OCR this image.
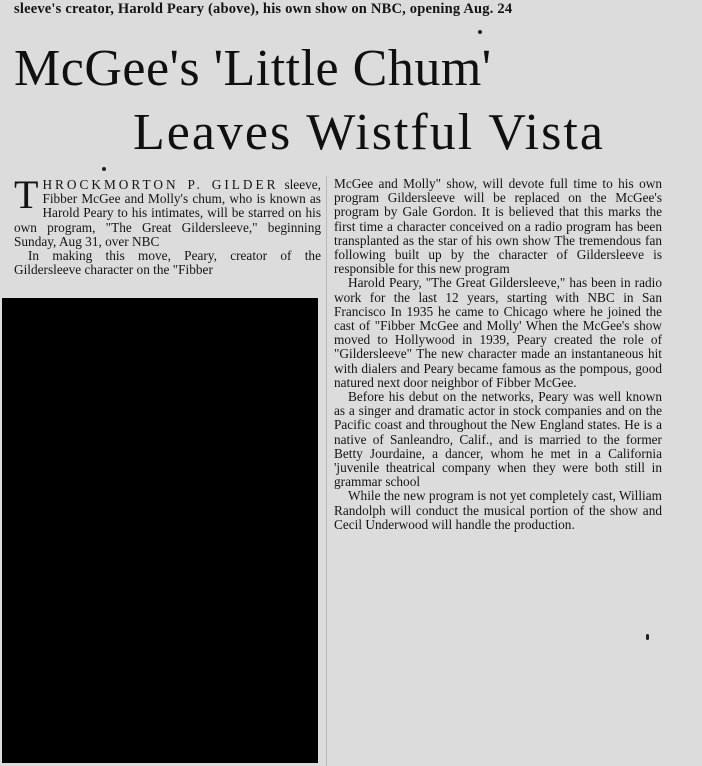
sleeve's creator, Harold Peary (above), his own show on NBC, opening Aug. 24
McGee's 'Little Chum'
Leaves Wistful Vista

THROCKMORTON P. GILDER sleeve, Fibber McGee and Molly's chum, who is known as Harold Peary to his intimates, will be starred on his own program, "The Great Gildersleeve," beginning Sunday, Aug 31, over NBC

In making this move, Peary, creator of the Gildersleeve character on the "Fibber

McGee and Molly" show, will devote full time to his own program Gildersleeve will be replaced on the McGee's program by Gale Gordon. It is believed that this marks the first time a character conceived on a radio program has been transplanted as the star of his own show The tremendous fan following built up by the character of Gildersleeve is responsible for this new program

Harold Peary, "The Great Gildersleeve," has been in radio work for the last 12 years, starting with NBC in San Francisco In 1935 he came to Chicago where he joined the cast of "Fibber McGee and Molly' When the McGee's show moved to Hollywood in 1939, Peary created the role of "Gildersleeve" The new character made an instantaneous hit with dialers and Peary became famous as the pompous, good natured next door neighbor of Fibber McGee.

Before his debut on the networks, Peary was well known as a singer and dramatic actor in stock companies and on the Pacific coast and throughout the New England states. He is a native of Sanleandro, Calif., and is married to the former Betty Jourdaine, a dancer, whom he met in a California 'juvenile theatrical company when they were both still in grammar school

While the new program is not yet completely cast, William Randolph will conduct the musical portion of the show and Cecil Underwood will handle the production.
